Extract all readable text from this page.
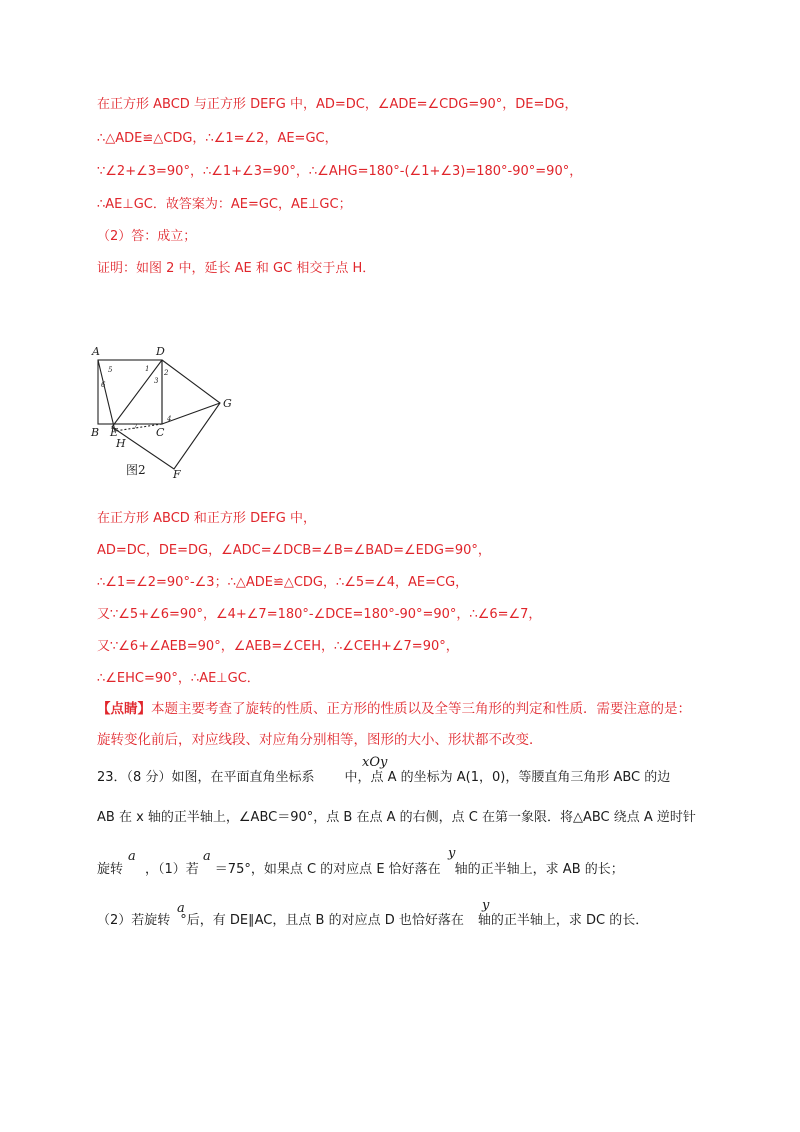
在正方形 ABCD 与正方形 DEFG 中，AD=DC，∠ADE=∠CDG=90°，DE=DG，
∴△ADE≌△CDG，∴∠1=∠2，AE=GC，
∵∠2+∠3=90°，∴∠1+∠3=90°，∴∠AHG=180°-(∠1+∠3)=180°-90°=90°，
∴AE⊥GC．故答案为：AE=GC，AE⊥GC；
（2）答：成立；
证明：如图 2 中，延长 AE 和 GC 相交于点 H．
A	D
B E
H
C
G
F
5
6
1 2
3
4
7
图2
在正方形 ABCD 和正方形 DEFG 中，
AD=DC，DE=DG，∠ADC=∠DCB=∠B=∠BAD=∠EDG=90°，
∴∠1=∠2=90°-∠3；∴△ADE≌△CDG，∴∠5=∠4，AE=CG，
又∵∠5+∠6=90°，∠4+∠7=180°-∠DCE=180°-90°=90°，∴∠6=∠7，
又∵∠6+∠AEB=90°，∠AEB=∠CEH，∴∠CEH+∠7=90°，
∴∠EHC=90°，∴AE⊥GC．
【点睛】本题主要考查了旋转的性质、正方形的性质以及全等三角形的判定和性质．需要注意的是：
旋转变化前后，对应线段、对应角分别相等，图形的大小、形状都不改变．
23．（8 分）如图，在平面直角坐标系 中，点 A 的坐标为 A(1，0)，等腰直角三角形 ABC 的边
xOy
AB 在 x 轴的正半轴上，∠ABC＝90°，点 B 在点 A 的右侧，点 C 在第一象限．将△ABC 绕点 A 逆时针
旋转 ，（1）若 ＝75°，如果点 C 的对应点 E 恰好落在 轴的正半轴上，求 AB 的长；
a	a	y
（2）若旋转 °后，有 DE∥AC，且点 B 的对应点 D 也恰好落在 轴的正半轴上，求 DC 的长．
a	y
